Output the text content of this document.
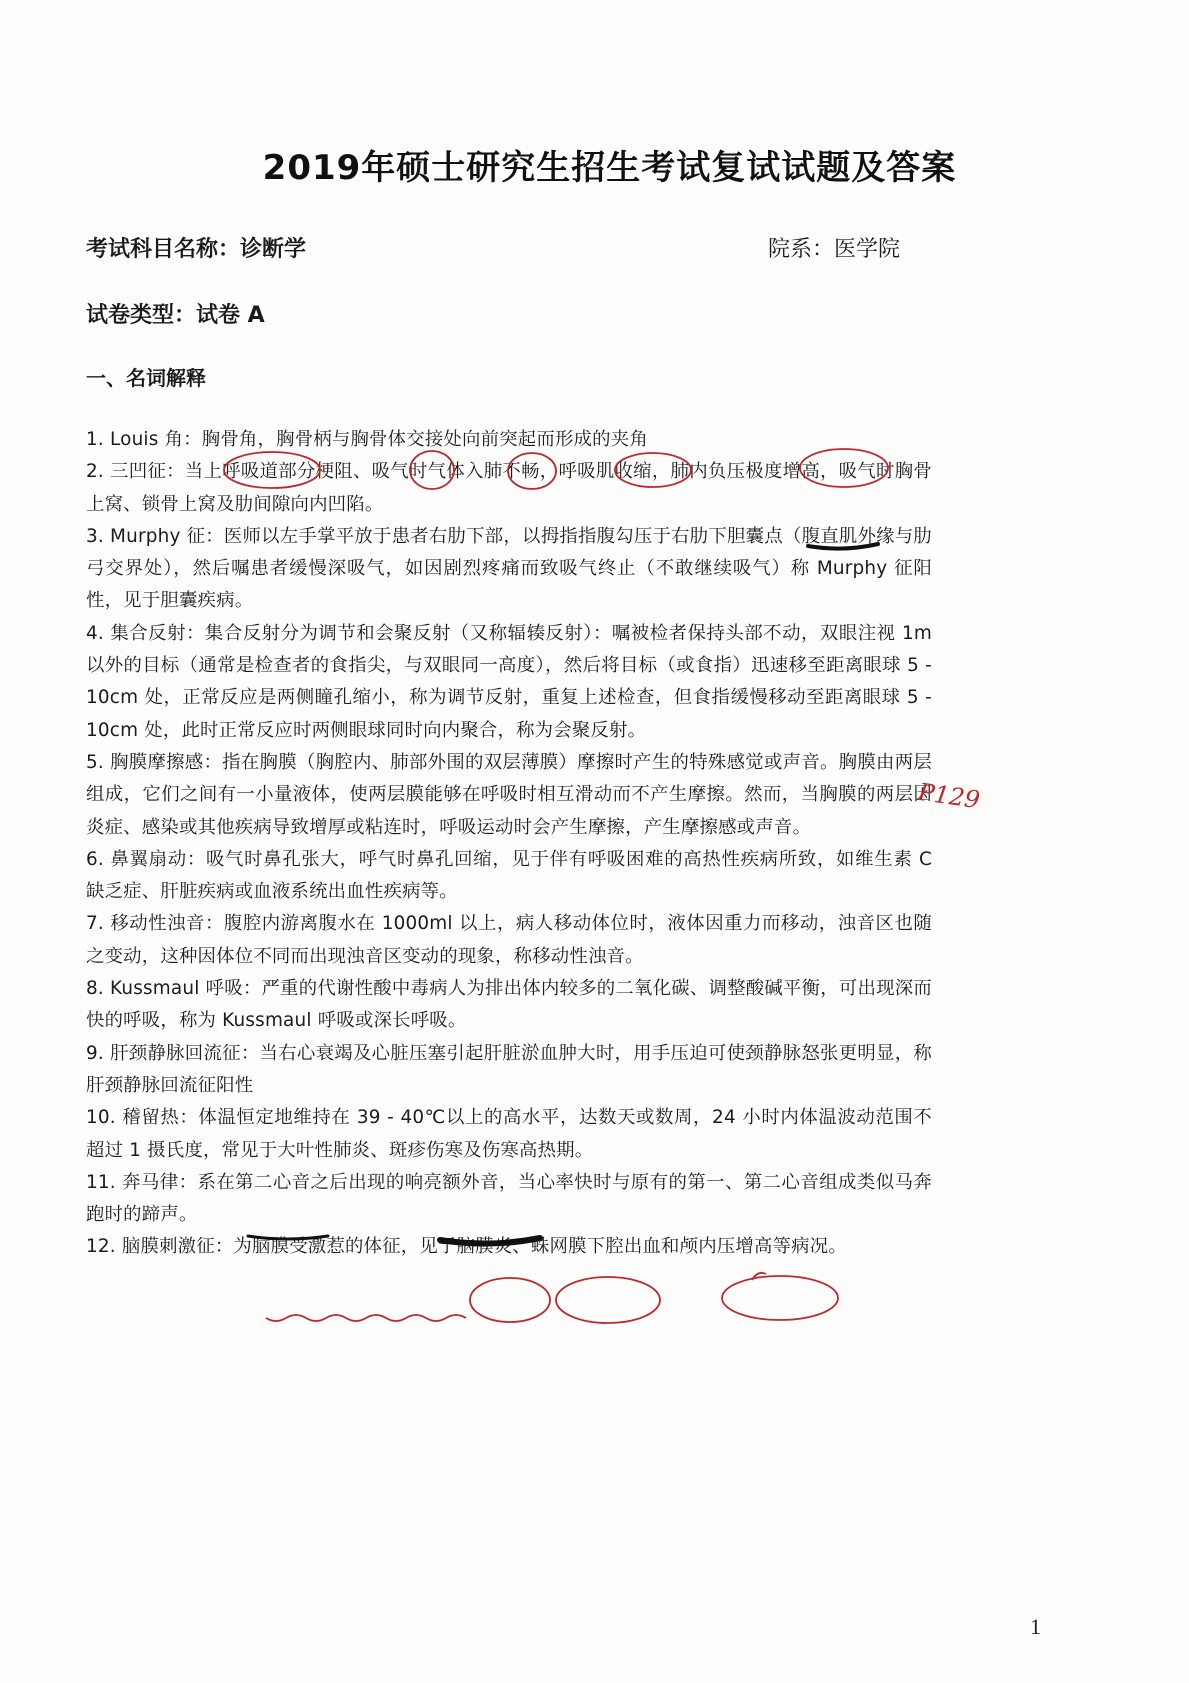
2019年硕士研究生招生考试复试试题及答案
考试科目名称：诊断学	院系：医学院
试卷类型：试卷 A
一、名词解释

1. Louis 角：胸骨角，胸骨柄与胸骨体交接处向前突起而形成的夹角

2. 三凹征：当上呼吸道部分梗阻、吸气时气体入肺不畅，呼吸肌收缩，肺内负压极度增高，吸气时胸骨上窝、锁骨上窝及肋间隙向内凹陷。

3. Murphy 征：医师以左手掌平放于患者右肋下部，以拇指指腹勾压于右肋下胆囊点（腹直肌外缘与肋弓交界处），然后嘱患者缓慢深吸气，如因剧烈疼痛而致吸气终止（不敢继续吸气）称 Murphy 征阳性，见于胆囊疾病。

4. 集合反射：集合反射分为调节和会聚反射（又称辐辏反射）：嘱被检者保持头部不动，双眼注视 1m 以外的目标（通常是检查者的食指尖，与双眼同一高度），然后将目标（或食指）迅速移至距离眼球 5 - 10cm 处，正常反应是两侧瞳孔缩小，称为调节反射，重复上述检查，但食指缓慢移动至距离眼球 5 - 10cm 处，此时正常反应时两侧眼球同时向内聚合，称为会聚反射。

5. 胸膜摩擦感：指在胸膜（胸腔内、肺部外围的双层薄膜）摩擦时产生的特殊感觉或声音。胸膜由两层组成，它们之间有一小量液体，使两层膜能够在呼吸时相互滑动而不产生摩擦。然而，当胸膜的两层因炎症、感染或其他疾病导致增厚或粘连时，呼吸运动时会产生摩擦，产生摩擦感或声音。

6. 鼻翼扇动：吸气时鼻孔张大，呼气时鼻孔回缩，见于伴有呼吸困难的高热性疾病所致，如维生素 C 缺乏症、肝脏疾病或血液系统出血性疾病等。

7. 移动性浊音：腹腔内游离腹水在 1000ml 以上，病人移动体位时，液体因重力而移动，浊音区也随之变动，这种因体位不同而出现浊音区变动的现象，称移动性浊音。

8. Kussmaul 呼吸：严重的代谢性酸中毒病人为排出体内较多的二氧化碳、调整酸碱平衡，可出现深而快的呼吸，称为 Kussmaul 呼吸或深长呼吸。

9. 肝颈静脉回流征：当右心衰竭及心脏压塞引起肝脏淤血肿大时，用手压迫可使颈静脉怒张更明显，称肝颈静脉回流征阳性

10. 稽留热：体温恒定地维持在 39 - 40℃以上的高水平，达数天或数周，24 小时内体温波动范围不超过 1 摄氏度，常见于大叶性肺炎、斑疹伤寒及伤寒高热期。

11. 奔马律：系在第二心音之后出现的响亮额外音，当心率快时与原有的第一、第二心音组成类似马奔跑时的蹄声。

12. 脑膜刺激征：为脑膜受激惹的体征，见于脑膜炎、蛛网膜下腔出血和颅内压增高等病况。

1
P129
